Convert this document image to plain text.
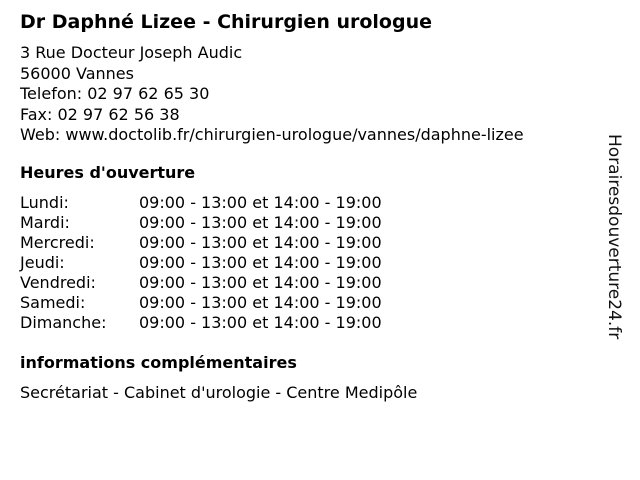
Dr Daphné Lizee - Chirurgien urologue
3 Rue Docteur Joseph Audic
56000 Vannes
Telefon: 02 97 62 65 30
Fax: 02 97 62 56 38
Web: www.doctolib.fr/chirurgien-urologue/vannes/daphne-lizee
Heures d'ouverture
Lundi:	09:00 - 13:00 et 14:00 - 19:00
Mardi:	09:00 - 13:00 et 14:00 - 19:00
Mercredi:	09:00 - 13:00 et 14:00 - 19:00
Jeudi:	09:00 - 13:00 et 14:00 - 19:00
Vendredi:	09:00 - 13:00 et 14:00 - 19:00
Samedi:	09:00 - 13:00 et 14:00 - 19:00
Dimanche:	09:00 - 13:00 et 14:00 - 19:00
informations complémentaires
Secrétariat - Cabinet d'urologie - Centre Medipôle
Horairesdouverture24.fr
